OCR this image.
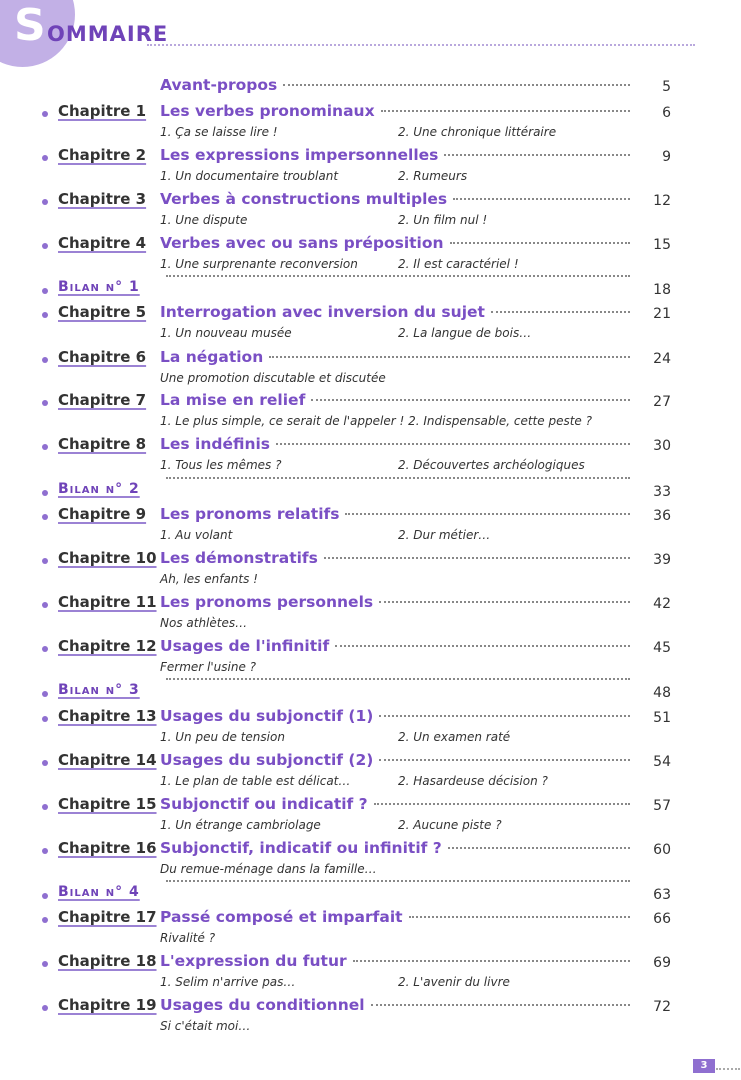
S OMMAIRE
Avant-propos	5
Chapitre 1 Les verbes pronominaux	6
1. Ça se laisse lire !	2. Une chronique littéraire
Chapitre 2 Les expressions impersonnelles	9
1. Un documentaire troublant	2. Rumeurs
Chapitre 3 Verbes à constructions multiples	12
1. Une dispute	2. Un film nul !
Chapitre 4 Verbes avec ou sans préposition	15
1. Une surprenante reconversion	2. Il est caractériel !
Bilan n° 1	18
Chapitre 5 Interrogation avec inversion du sujet	21
1. Un nouveau musée	2. La langue de bois…
Chapitre 6 La négation	24
Une promotion discutable et discutée
Chapitre 7 La mise en relief	27
1. Le plus simple, ce serait de l'appeler ! 2. Indispensable, cette peste ?
Chapitre 8 Les indéfinis	30
1. Tous les mêmes ?	2. Découvertes archéologiques
Bilan n° 2	33
Chapitre 9 Les pronoms relatifs	36
1. Au volant	2. Dur métier…
Chapitre 10 Les démonstratifs	39
Ah, les enfants !
Chapitre 11 Les pronoms personnels	42
Nos athlètes…
Chapitre 12 Usages de l'infinitif	45
Fermer l'usine ?
Bilan n° 3	48
Chapitre 13 Usages du subjonctif (1)	51
1. Un peu de tension	2. Un examen raté
Chapitre 14 Usages du subjonctif (2)	54
1. Le plan de table est délicat…	2. Hasardeuse décision ?
Chapitre 15 Subjonctif ou indicatif ?	57
1. Un étrange cambriolage	2. Aucune piste ?
Chapitre 16 Subjonctif, indicatif ou infinitif ?	60
Du remue-ménage dans la famille…
Bilan n° 4	63
Chapitre 17 Passé composé et imparfait	66
Rivalité ?
Chapitre 18 L'expression du futur	69
1. Selim n'arrive pas…	2. L'avenir du livre
Chapitre 19 Usages du conditionnel	72
Si c'était moi…
3
